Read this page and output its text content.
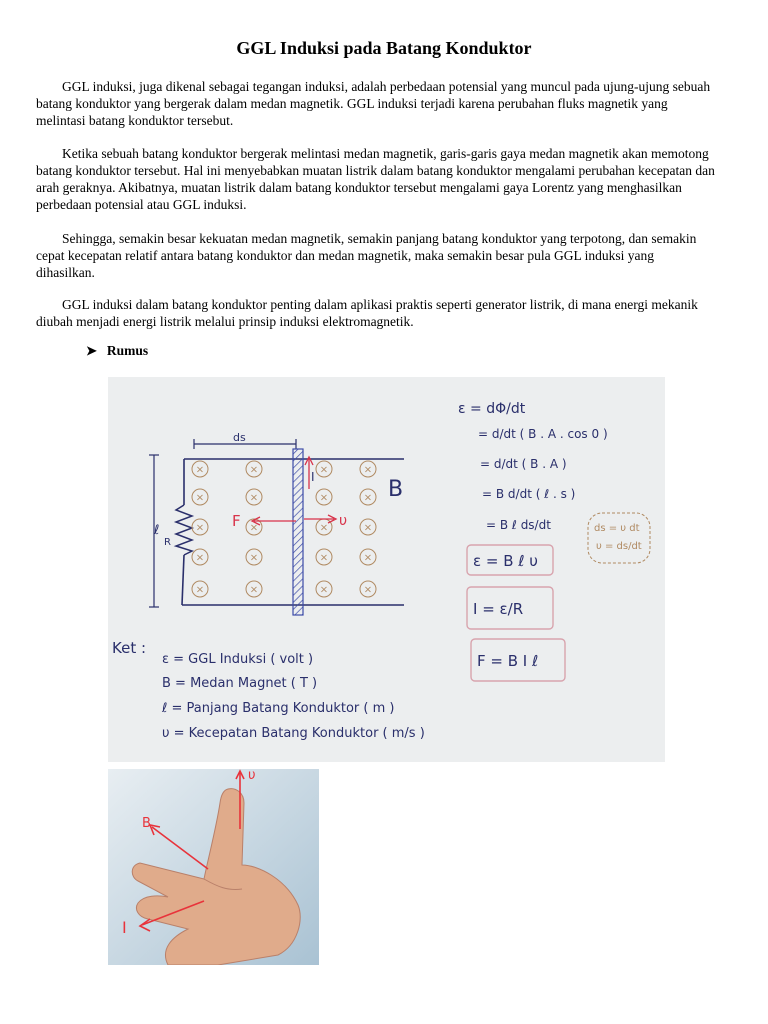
GGL Induksi pada Batang Konduktor

GGL induksi, juga dikenal sebagai tegangan induksi, adalah perbedaan potensial yang muncul pada ujung-ujung sebuah batang konduktor yang bergerak dalam medan magnetik. GGL induksi terjadi karena perubahan fluks magnetik yang melintasi batang konduktor tersebut.

Ketika sebuah batang konduktor bergerak melintasi medan magnetik, garis-garis gaya medan magnetik akan memotong batang konduktor tersebut. Hal ini menyebabkan muatan listrik dalam batang konduktor mengalami perubahan kecepatan dan arah geraknya. Akibatnya, muatan listrik dalam batang konduktor tersebut mengalami gaya Lorentz yang menghasilkan perbedaan potensial atau GGL induksi.

Sehingga, semakin besar kekuatan medan magnetik, semakin panjang batang konduktor yang terpotong, dan semakin cepat kecepatan relatif antara batang konduktor dan medan magnetik, maka semakin besar pula GGL induksi yang dihasilkan.

GGL induksi dalam batang konduktor penting dalam aplikasi praktis seperti generator listrik, di mana energi mekanik diubah menjadi energi listrik melalui prinsip induksi elektromagnetik.

➤ Rumus
ds
ℓ
R
×	×	×	×
×	×	×	×
×	×	×	×
×	×	×	×
×	×	×	×
I
F	υ
B
ε = dΦ/dt
= d/dt ( B . A . cos 0 )
= d/dt ( B . A )
= B d/dt ( ℓ . s )
= B ℓ ds/dt	ds = υ dt
υ = ds/dt
ε = B ℓ υ
I = ε/R
F = B I ℓ
Ket :
ε = GGL Induksi ( volt )
B = Medan Magnet ( T )
ℓ = Panjang Batang Konduktor ( m )
υ = Kecepatan Batang Konduktor ( m/s )
υ
B
I
